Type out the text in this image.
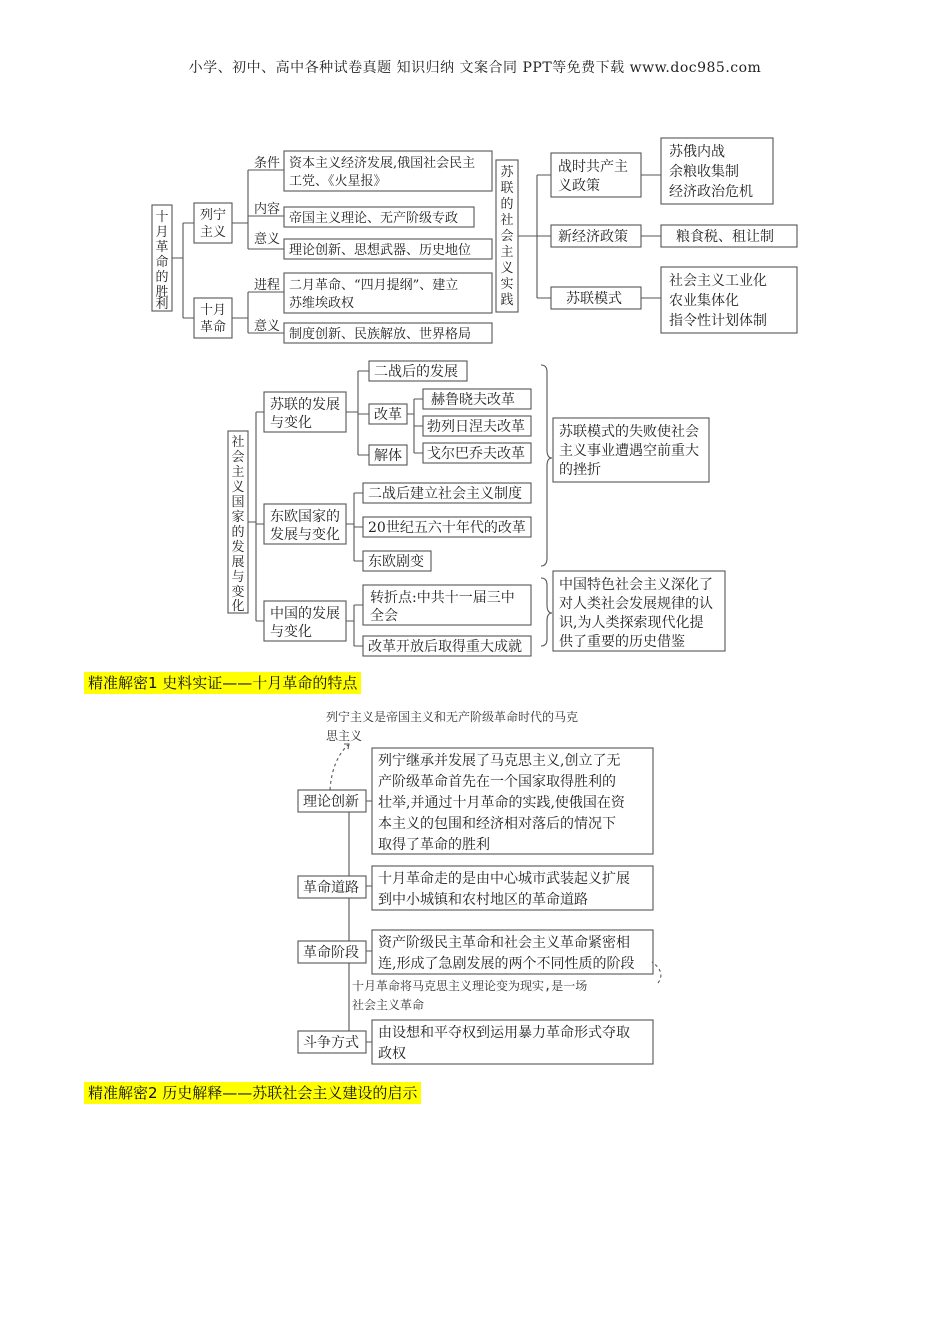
小学、初中、高中各种试卷真题 知识归纳 文案合同 PPT等免费下载 www.doc985.com
十
月
革
命
的
胜
利
列宁
主义
条件
内容
意义
资本主义经济发展,俄国社会民主
工党、《火星报》
帝国主义理论、无产阶级专政
理论创新、思想武器、历史地位
十月
革命
进程
意义
二月革命、“四月提纲”、建立
苏维埃政权
制度创新、民族解放、世界格局
苏
联
的
社
会
主
义
实
践
战时共产主
义政策
新经济政策
苏联模式
苏俄内战
余粮收集制
经济政治危机
粮食税、租让制
社会主义工业化
农业集体化
指令性计划体制
社
会
主
义
国
家
的
发
展
与
变
化
苏联的发展
与变化
二战后的发展
改革
解体
赫鲁晓夫改革
勃列日涅夫改革
戈尔巴乔夫改革
东欧国家的
发展与变化
二战后建立社会主义制度
20世纪五六十年代的改革
东欧剧变
中国的发展
与变化
转折点:中共十一届三中
全会
改革开放后取得重大成就
苏联模式的失败使社会
主义事业遭遇空前重大
的挫折
中国特色社会主义深化了
对人类社会发展规律的认
识,为人类探索现代化提
供了重要的历史借鉴
列宁主义是帝国主义和无产阶级革命时代的马克
思主义
理论创新
列宁继承并发展了马克思主义,创立了无
产阶级革命首先在一个国家取得胜利的
壮举,并通过十月革命的实践,使俄国在资
本主义的包围和经济相对落后的情况下
取得了革命的胜利
革命道路
十月革命走的是由中心城市武装起义扩展
到中小城镇和农村地区的革命道路
革命阶段
资产阶级民主革命和社会主义革命紧密相
连,形成了急剧发展的两个不同性质的阶段
十月革命将马克思主义理论变为现实,是一场
社会主义革命
斗争方式
由设想和平夺权到运用暴力革命形式夺取
政权
精准解密1 史料实证——十月革命的特点
精准解密2 历史解释——苏联社会主义建设的启示
